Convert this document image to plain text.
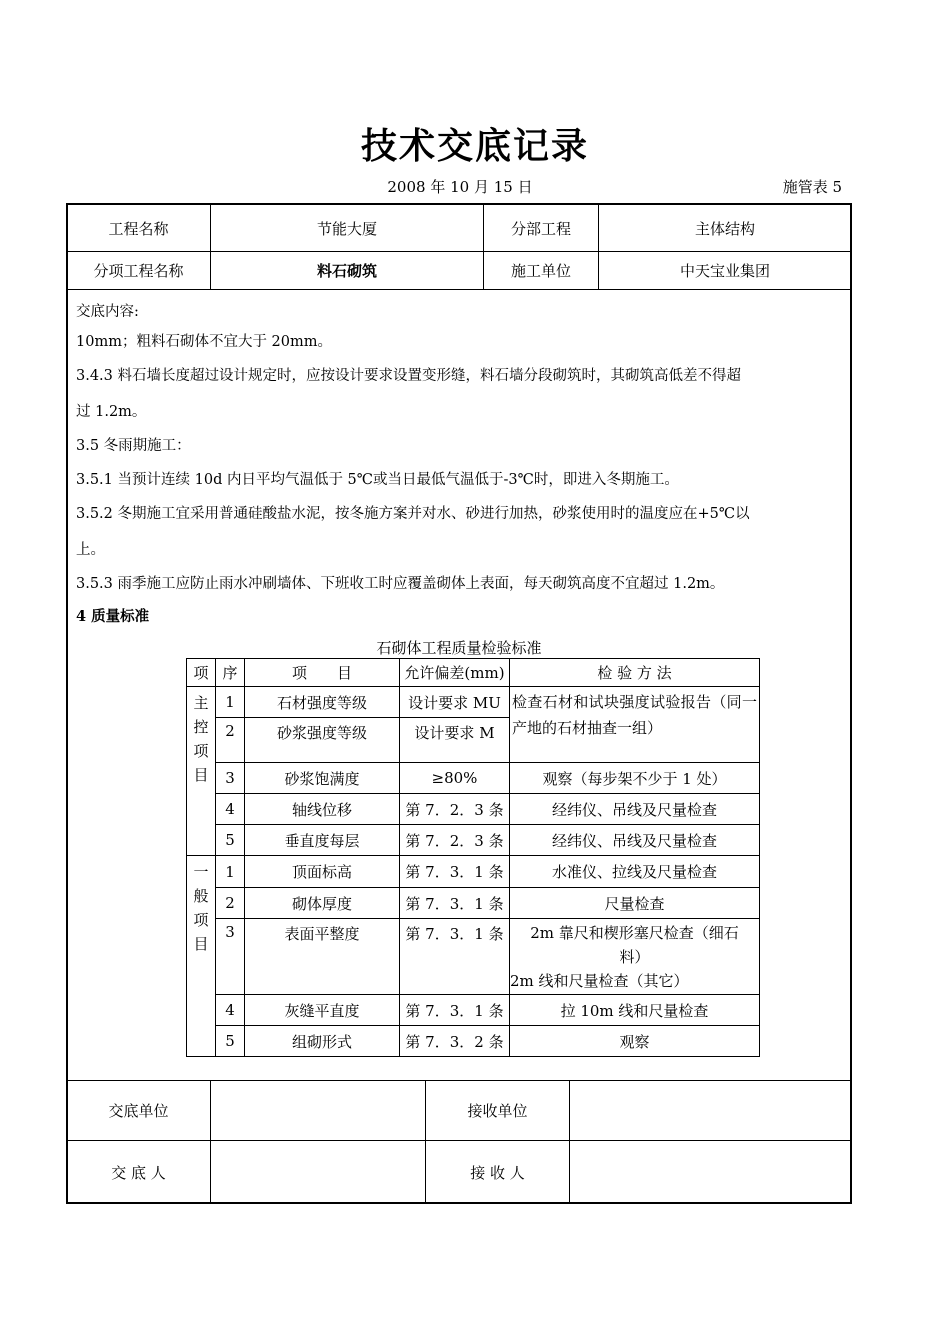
技术交底记录
2008 年 10 月 15 日	施管表 5
工程名称	节能大厦	分部工程	主体结构
分项工程名称	料石砌筑	施工单位	中天宝业集团
交底内容:
10mm；粗料石砌体不宜大于 20mm。
3.4.3 料石墙长度超过设计规定时，应按设计要求设置变形缝，料石墙分段砌筑时，其砌筑高低差不得超
过 1.2m。
3.5 冬雨期施工：
3.5.1 当预计连续 10d 内日平均气温低于 5℃或当日最低气温低于-3℃时，即进入冬期施工。
3.5.2 冬期施工宜采用普通硅酸盐水泥，按冬施方案并对水、砂进行加热，砂浆使用时的温度应在+5℃以
上。
3.5.3 雨季施工应防止雨水冲刷墙体、下班收工时应覆盖砌体上表面，每天砌筑高度不宜超过 1.2m。
4 质量标准
石砌体工程质量检验标准
项	序	项　　目	允许偏差(mm)	检 验 方 法

主控项目	1	石材强度等级	设计要求 MU	检查石材和试块强度试验报告（同一产地的石材抽查一组）
	2	砂浆强度等级	设计要求 M	
	3	砂浆饱满度	≥80%	观察（每步架不少于 1 处）
	4	轴线位移	第 7．2．3 条	经纬仪、吊线及尺量检查
	5	垂直度每层	第 7．2．3 条	经纬仪、吊线及尺量检查

一般项目	1	顶面标高	第 7．3．1 条	水准仪、拉线及尺量检查
	2	砌体厚度	第 7．3．1 条	尺量检查
	3	表面平整度	第 7．3．1 条	2m 靠尺和楔形塞尺检查（细石料）
2m 线和尺量检查（其它）

	4	灰缝平直度	第 7．3．1 条	拉 10m 线和尺量检查
	5	组砌形式	第 7．3．2 条	观察
交底单位	接收单位
交 底 人	接 收 人
